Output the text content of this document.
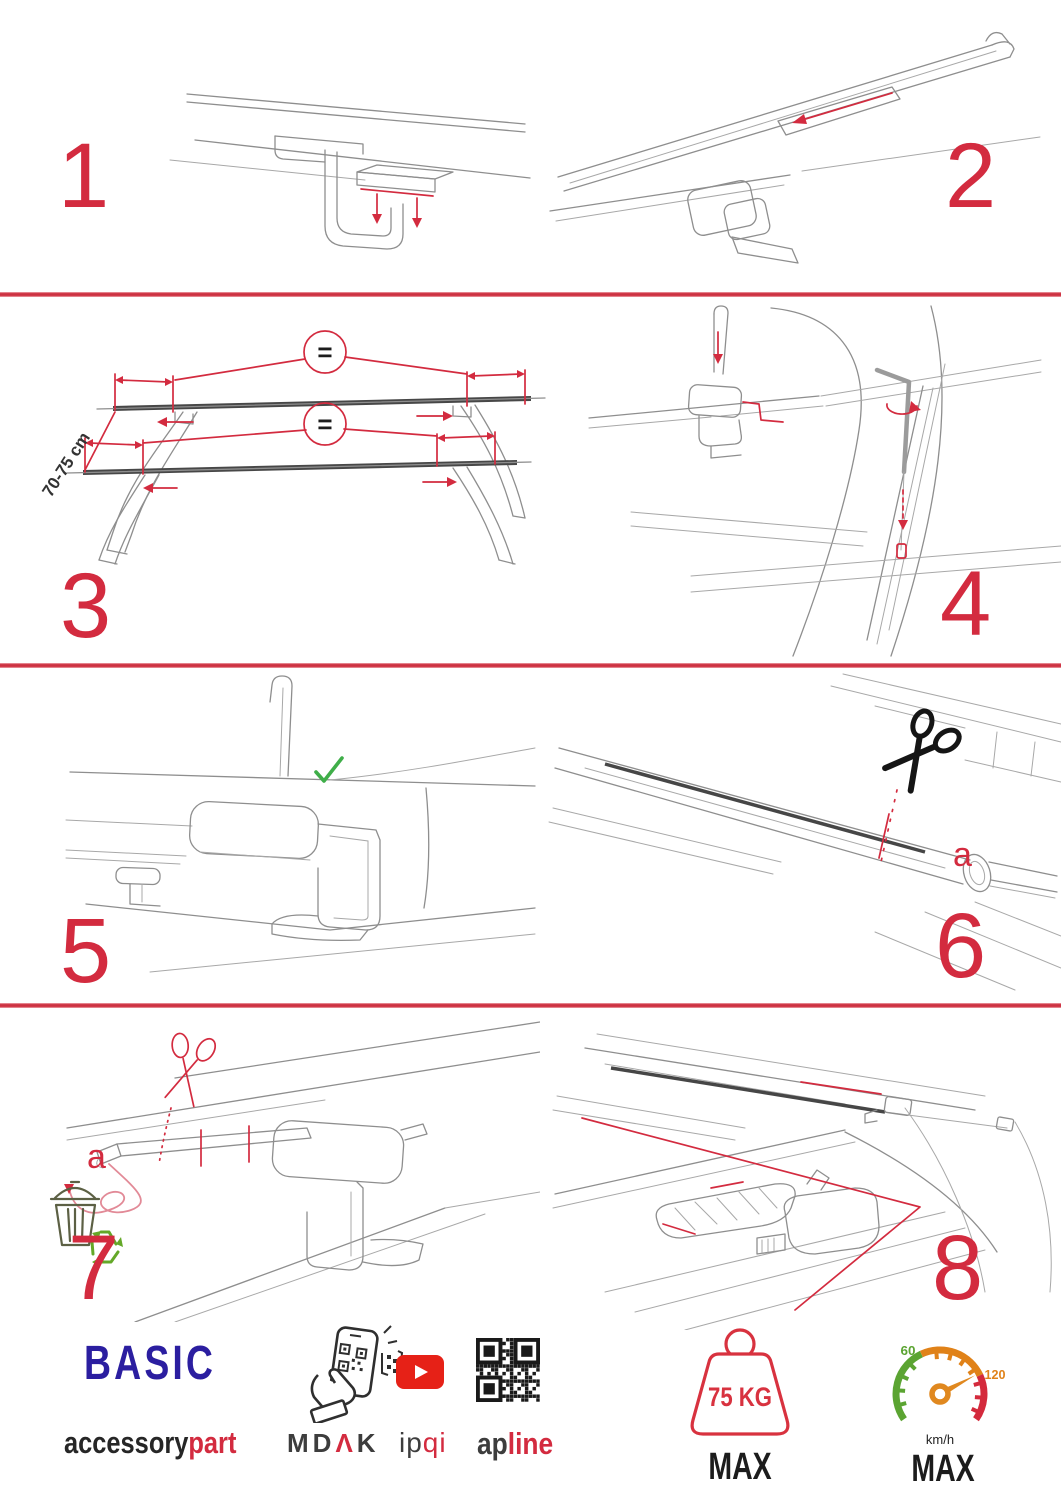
1	2
=
=
70-75 cm
3	4
5
a
6
a
7	8
BASIC
accessorypart MDΛK ipqi apline
75 KG
MAX
60
120
km/h
MAX
